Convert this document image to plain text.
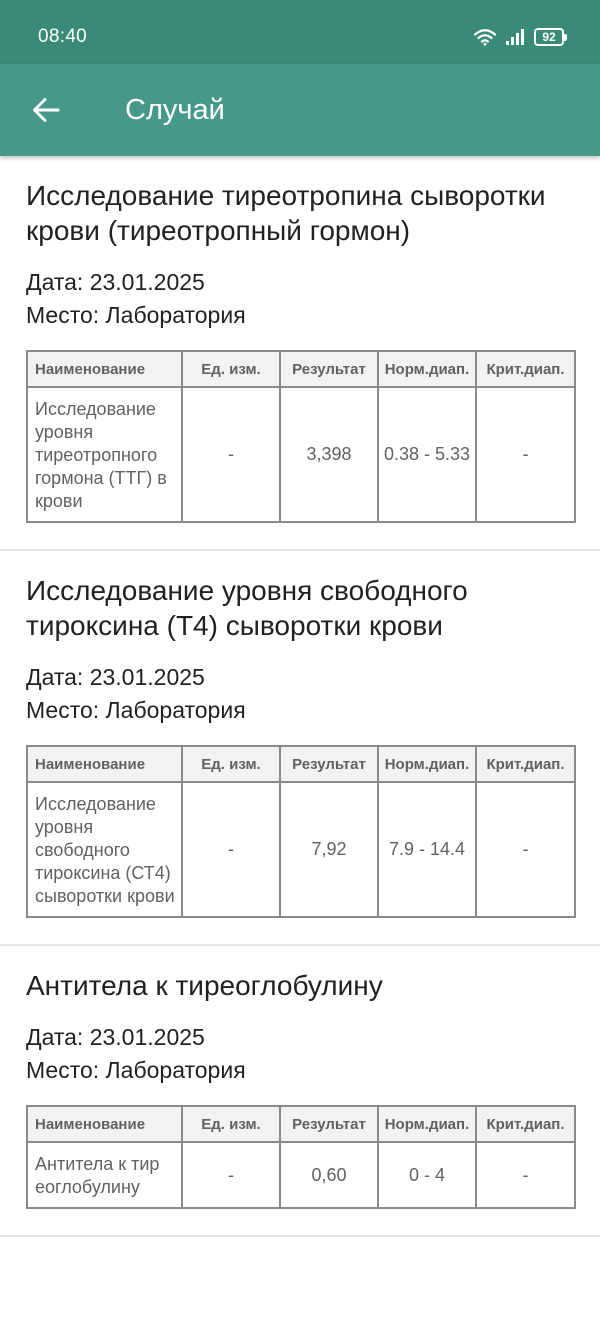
08:40	92
Случай
Исследование тиреотропина сыворотки крови (тиреотропный гормон)
Дата: 23.01.2025
Место: Лаборатория
Наименование	Ед. изм.	Результат	Норм.диап.	Крит.диап.
Исследование уровня тиреотропного гормона (ТТГ) в крови	-	3,398	0.38 - 5.33	-
Исследование уровня свободного тироксина (Т4) сыворотки крови
Дата: 23.01.2025
Место: Лаборатория
Наименование	Ед. изм.	Результат	Норм.диап.	Крит.диап.
Исследование уровня свободного тироксина (СТ4) сыворотки крови	-	7,92	7.9 - 14.4	-
Антитела к тиреоглобулину
Дата: 23.01.2025
Место: Лаборатория
Наименование	Ед. изм.	Результат	Норм.диап.	Крит.диап.
Антитела к тир еоглобулину	-	0,60	0 - 4	-
